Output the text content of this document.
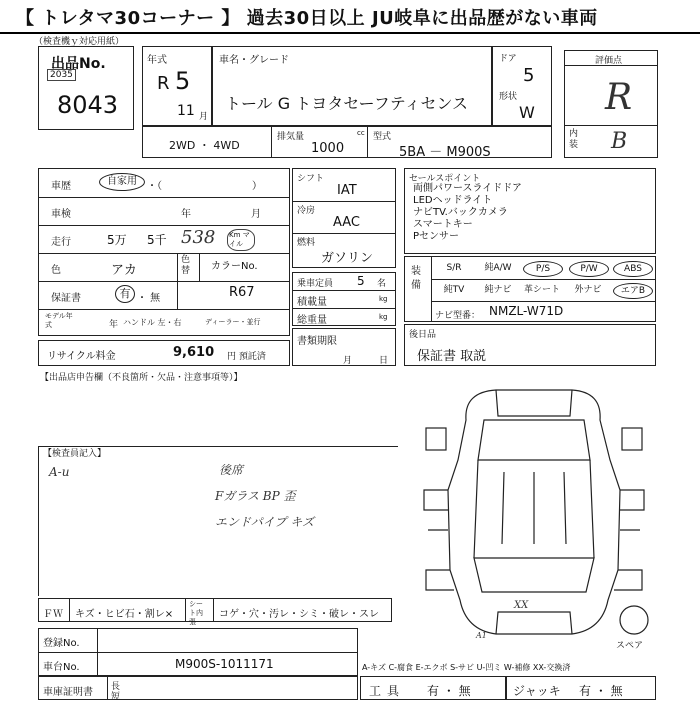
【 トレタマ30コーナー 】 過去30日以上 JU岐阜に出品歴がない車両
（検査機ｙ対応用紙）
出品No.
2035
8043
年式
R 5
11 月
車名・グレード
トール G トヨタセーフティセンス
ドア
5
形状
W
評価点
R
内装 B
2WD ・ 4WD
排気量	cc
1000
型式
5BA － M900S
車歴	自家用	・（　　　　　　　　　）
車検	年	月
走行	5万 5千 538 Km マイル
色	アカ
色替 カラーNo.
保証書	有 ・ 無	R67
モデル年式	年 ハンドル 左・右	ディーラー・並行
リサイクル料金	9,610 円 預託済
シフト
IAT
冷房
AAC
燃料
ガソリン
乗車定員 5 名
積載量	kg
総重量	kg
書類期限
月	日
セールスポイント
両側パワースライドドア
LEDヘッドライト
ナビTV.バックカメラ
スマートキー
Pセンサー
装備
S/R	純A/W	P/S	P/W	ABS
純TV	純ナビ	革シート	外ナビ	エアB
ナビ型番： NMZL-W71D
後日品
保証書 取説
【出品店申告欄（不良箇所・欠品・注意事項等）】
【検査員記入】
A-u	後席
Fガラス BP 歪
エンドパイプ キズ
ＦＷ キズ・ヒビ石・割レ×
シート内張
コゲ・穴・汚レ・シミ・破レ・スレ
XX
A1
スペア
登録No.
車台No.	M900S-1011171	A-キズ C-腐食 E-エクボ S-サビ U-凹ミ W-補修 XX-交換済
車庫証明書 長
短	工具 有 ・ 無	ジャッキ 有 ・ 無
